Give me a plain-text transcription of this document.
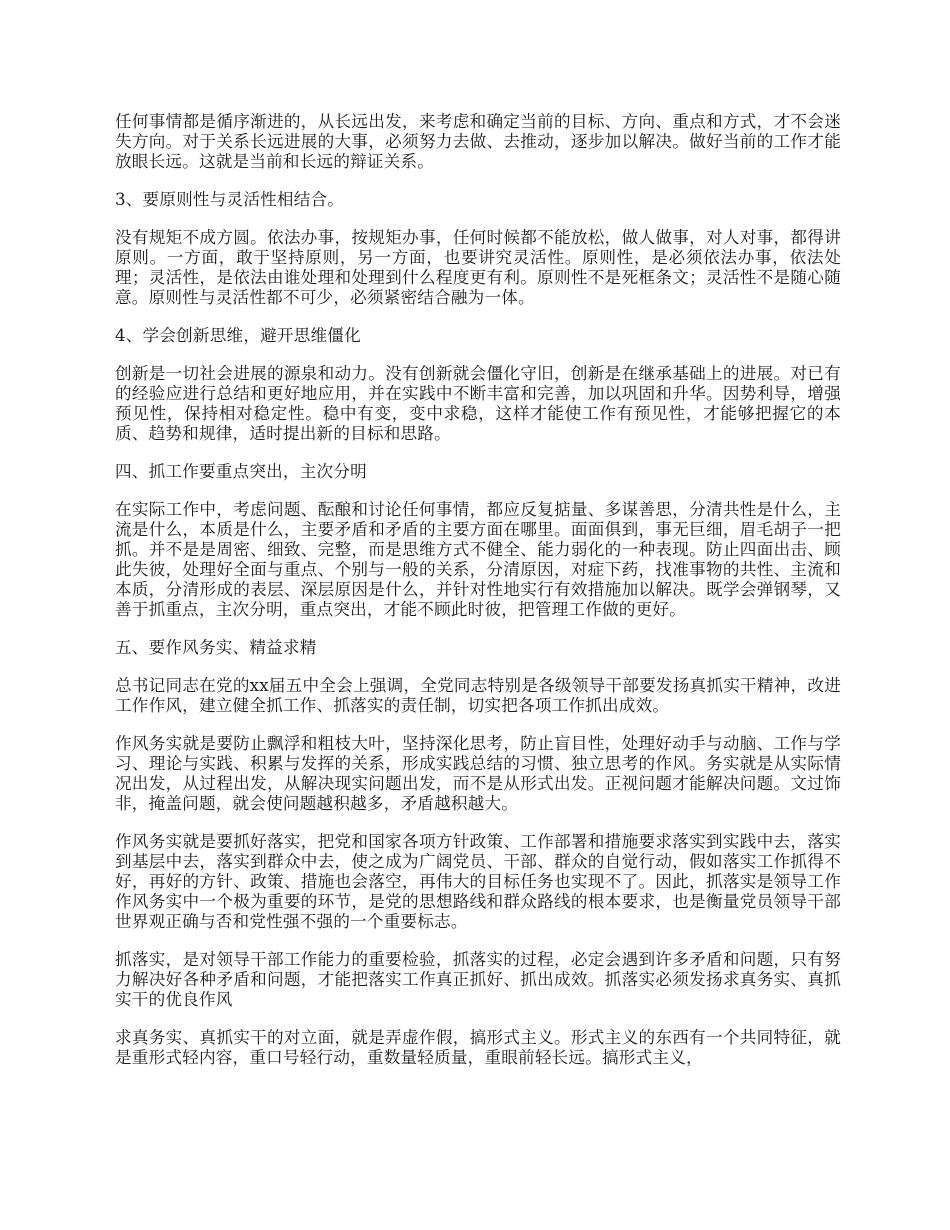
任何事情都是循序渐进的，从长远出发，来考虑和确定当前的目标、方向、重点和方式，才不会迷失方向。对于关系长远进展的大事，必须努力去做、去推动，逐步加以解决。做好当前的工作才能放眼长远。这就是当前和长远的辩证关系。

3、要原则性与灵活性相结合。

没有规矩不成方圆。依法办事，按规矩办事，任何时候都不能放松，做人做事，对人对事，都得讲原则。一方面，敢于坚持原则，另一方面，也要讲究灵活性。原则性，是必须依法办事，依法处理；灵活性，是依法由谁处理和处理到什么程度更有利。原则性不是死框条文；灵活性不是随心随意。原则性与灵活性都不可少，必须紧密结合融为一体。

4、学会创新思维，避开思维僵化

创新是一切社会进展的源泉和动力。没有创新就会僵化守旧，创新是在继承基础上的进展。对已有的经验应进行总结和更好地应用，并在实践中不断丰富和完善，加以巩固和升华。因势利导，增强预见性，保持相对稳定性。稳中有变，变中求稳，这样才能使工作有预见性，才能够把握它的本质、趋势和规律，适时提出新的目标和思路。

四、抓工作要重点突出，主次分明

在实际工作中，考虑问题、酝酿和讨论任何事情，都应反复掂量、多谋善思，分清共性是什么，主流是什么，本质是什么，主要矛盾和矛盾的主要方面在哪里。面面俱到，事无巨细，眉毛胡子一把抓。并不是是周密、细致、完整，而是思维方式不健全、能力弱化的一种表现。防止四面出击、顾此失彼，处理好全面与重点、个别与一般的关系，分清原因，对症下药，找准事物的共性、主流和本质，分清形成的表层、深层原因是什么，并针对性地实行有效措施加以解决。既学会弹钢琴，又善于抓重点，主次分明，重点突出，才能不顾此时彼，把管理工作做的更好。

五、要作风务实、精益求精

总书记同志在党的xx届五中全会上强调，全党同志特别是各级领导干部要发扬真抓实干精神，改进工作作风，建立健全抓工作、抓落实的责任制，切实把各项工作抓出成效。

作风务实就是要防止飘浮和粗枝大叶，坚持深化思考，防止盲目性，处理好动手与动脑、工作与学习、理论与实践、积累与发挥的关系，形成实践总结的习惯、独立思考的作风。务实就是从实际情况出发，从过程出发，从解决现实问题出发，而不是从形式出发。正视问题才能解决问题。文过饰非，掩盖问题，就会使问题越积越多，矛盾越积越大。

作风务实就是要抓好落实，把党和国家各项方针政策、工作部署和措施要求落实到实践中去，落实到基层中去，落实到群众中去，使之成为广阔党员、干部、群众的自觉行动，假如落实工作抓得不好，再好的方针、政策、措施也会落空，再伟大的目标任务也实现不了。因此，抓落实是领导工作作风务实中一个极为重要的环节，是党的思想路线和群众路线的根本要求，也是衡量党员领导干部世界观正确与否和党性强不强的一个重要标志。

抓落实，是对领导干部工作能力的重要检验，抓落实的过程，必定会遇到许多矛盾和问题，只有努力解决好各种矛盾和问题，才能把落实工作真正抓好、抓出成效。抓落实必须发扬求真务实、真抓实干的优良作风

求真务实、真抓实干的对立面，就是弄虚作假，搞形式主义。形式主义的东西有一个共同特征，就是重形式轻内容，重口号轻行动，重数量轻质量，重眼前轻长远。搞形式主义，
